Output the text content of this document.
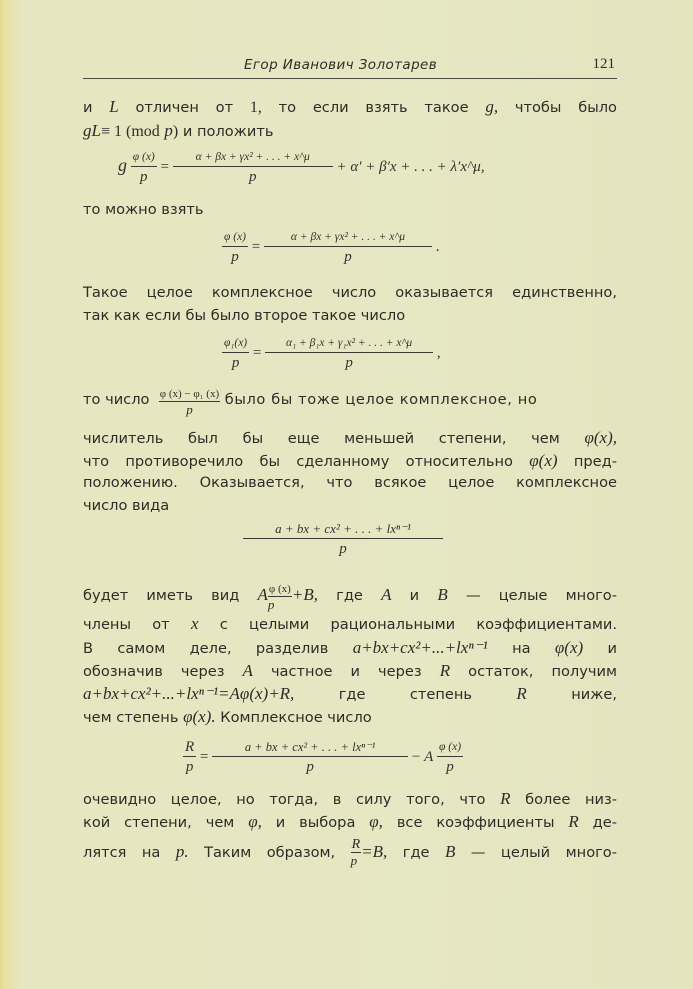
Егор Иванович Золотарев	121
и L отличен от 1, то если взять такое g, чтобы было
gL≡ 1 (mod p) и положить
g $\frac{\varphi (x)}{p} = \frac{\text{α + βx + γx² + . . . + x\textasciicircum{}μ}}{p} + \alpha' + \beta'x$ + . . . + λ′x^μ,
то можно взять
$\frac{\varphi (x)}{p} = \frac{\text{α + βx + γx² + . . . + x\textasciicircum{}μ}}{p}$ .
Такое целое комплексное число оказывается единственно,
так как если бы было второе такое число
$\frac{\text{φ₁(x)}}{p} = \frac{\text{α₁ + β₁x + γ₁x² + . . . + x\textasciicircum{}μ}}{p}$ ,
то число $\frac{\text{φ (x) − φ₁ (x)}}{p}$ было бы тоже целое комплексное, но
числитель был бы еще меньшей степени, чем φ(x),
что противоречило бы сделанному относительно φ(x) пред-
положению. Оказывается, что всякое целое комплексное
число вида
$\frac{\text{a + bx + cx² + . . . + lxⁿ⁻¹}}{p}$
будет иметь вид A $\frac{\varphi (x)}{p} +B$, где A и B — целые много-
члены от x с целыми рациональными коэффициентами.
В самом деле, разделив a+bx+cx²+...+lxⁿ⁻¹ на φ(x) и
обозначив через A частное и через R остаток, получим
a+bx+cx²+...+lxⁿ⁻¹=Aφ(x)+R,	где степень	R	ниже,
чем степень φ(x). Комплексное число
$\frac{R}{p} = \frac{\text{a + bx + cx² + . . . + lxⁿ⁻¹}}{p} - A \frac{\varphi (x)}{p}$
очевидно целое, но тогда, в силу того, что R более низ-
кой степени, чем φ, и выбора φ, все коэффициенты R де-
лятся на p. Таким образом, $\frac{R}{p} =B$, где B — целый много-
